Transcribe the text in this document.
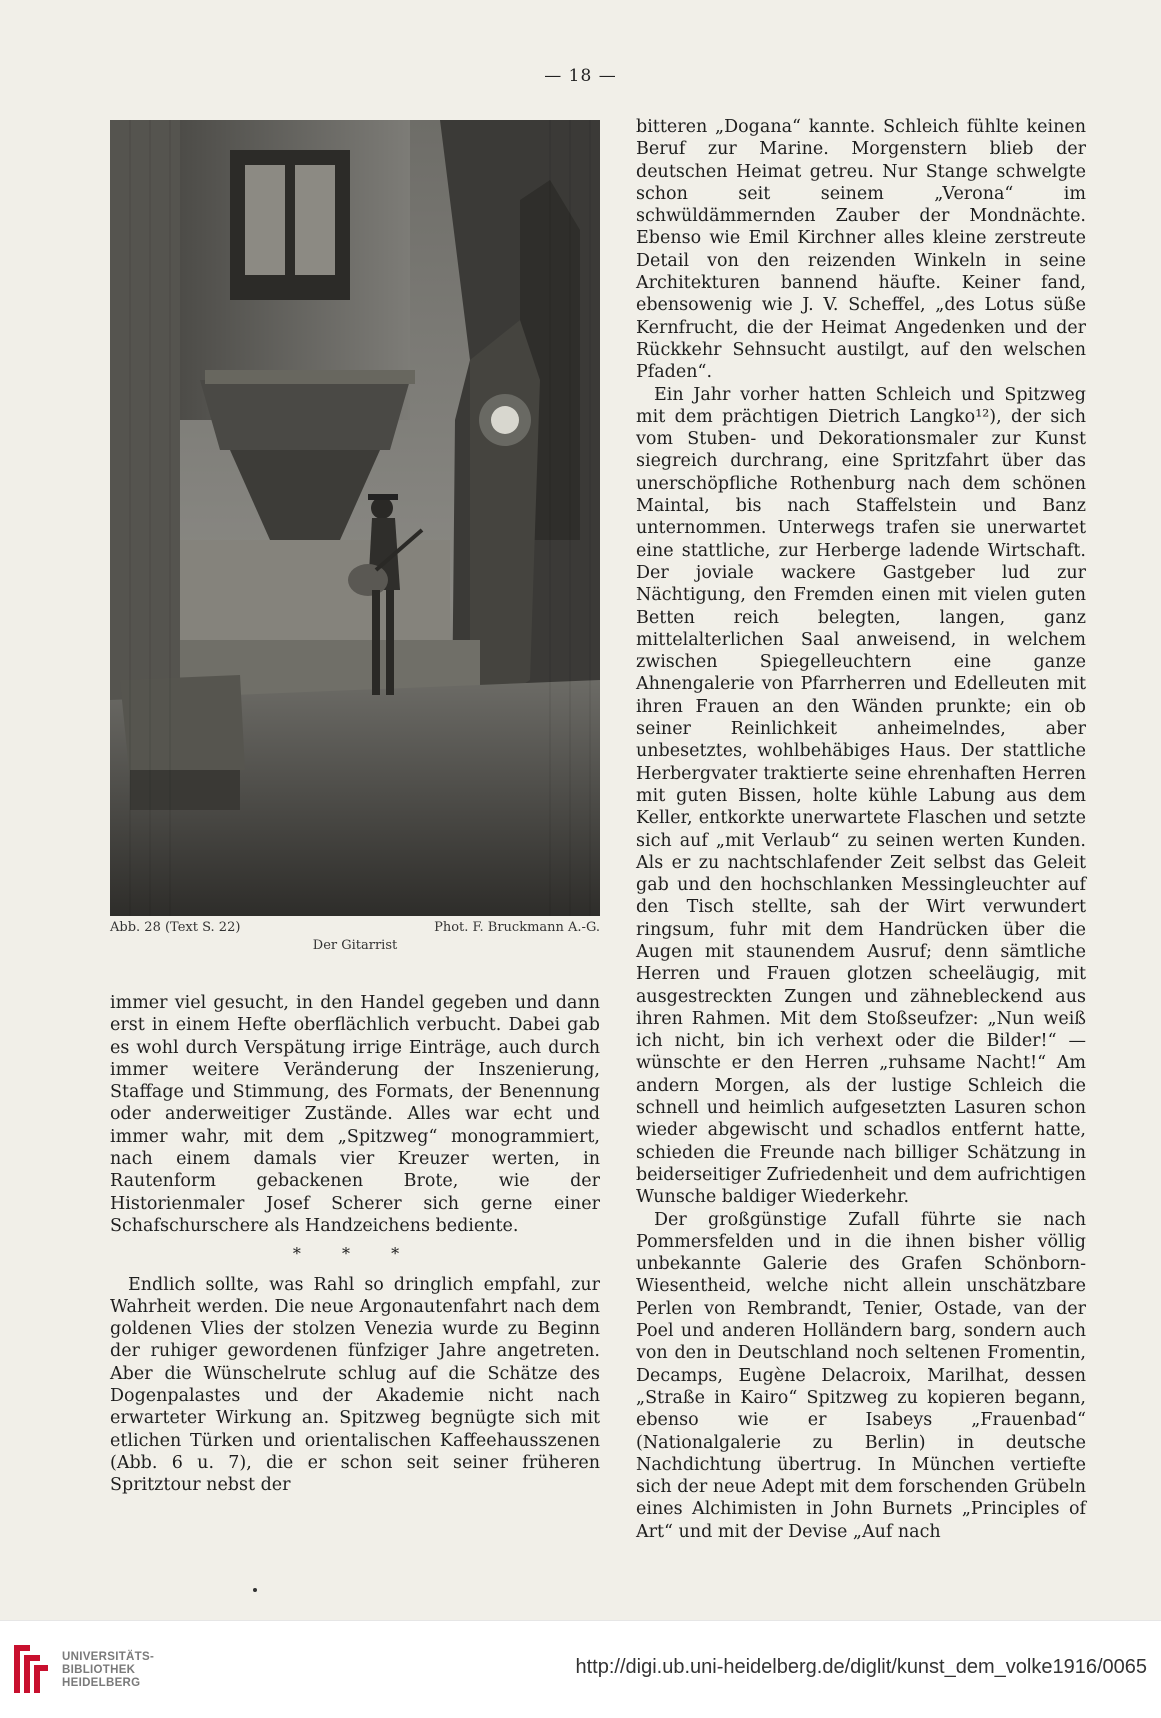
— 18 —
Abb. 28 (Text S. 22)	Phot. F. Bruckmann A.-G.
Der Gitarrist

bitteren „Dogana“ kannte. Schleich fühlte keinen Beruf zur Marine. Morgenstern blieb der deutschen Heimat getreu. Nur Stange schwelgte schon seit seinem „Verona“ im schwüldämmernden Zauber der Mondnächte. Ebenso wie Emil Kirchner alles kleine zerstreute Detail von den reizenden Winkeln in seine Architekturen bannend häufte. Keiner fand, ebensowenig wie J. V. Scheffel, „des Lotus süße Kernfrucht, die der Heimat Angedenken und der Rückkehr Sehnsucht austilgt, auf den welschen Pfaden“.

Ein Jahr vorher hatten Schleich und Spitzweg mit dem prächtigen Dietrich Langko¹²), der sich vom Stuben- und Dekorationsmaler zur Kunst siegreich durchrang, eine Spritzfahrt über das unerschöpfliche Rothenburg nach dem schönen Maintal, bis nach Staffelstein und Banz unternommen. Unterwegs trafen sie unerwartet eine stattliche, zur Herberge ladende Wirtschaft. Der joviale wackere Gastgeber lud zur Nächtigung, den Fremden einen mit vielen guten Betten reich belegten, langen, ganz mittelalterlichen Saal anweisend, in welchem zwischen Spiegelleuchtern eine ganze Ahnengalerie von Pfarrherren und Edelleuten mit ihren Frauen an den Wänden prunkte; ein ob seiner Reinlichkeit anheimelndes, aber unbesetztes, wohlbehäbiges Haus. Der stattliche Herbergvater traktierte seine ehrenhaften Herren mit guten Bissen, holte kühle Labung aus dem Keller, entkorkte unerwartete Flaschen und setzte sich auf „mit Verlaub“ zu seinen werten Kunden. Als er zu nachtschlafender Zeit selbst das Geleit gab und den hochschlanken Messingleuchter auf den Tisch stellte, sah der Wirt verwundert ringsum, fuhr mit dem Handrücken über die Augen mit staunendem Ausruf; denn sämtliche Herren und Frauen glotzen scheeläugig, mit ausgestreckten Zungen und zähnebleckend aus ihren Rahmen. Mit dem Stoßseufzer: „Nun weiß ich nicht, bin ich verhext oder die Bilder!“ — wünschte er den Herren „ruhsame Nacht!“ Am andern Morgen, als der lustige Schleich die schnell und heimlich aufgesetzten Lasuren schon wieder abgewischt und schadlos entfernt hatte, schieden die Freunde nach billiger Schätzung in beiderseitiger Zufriedenheit und dem aufrichtigen Wunsche baldiger Wiederkehr.

Der großgünstige Zufall führte sie nach Pommersfelden und in die ihnen bisher völlig unbekannte Galerie des Grafen Schönborn-Wiesentheid, welche nicht allein unschätzbare Perlen von Rembrandt, Tenier, Ostade, van der Poel und anderen Holländern barg, sondern auch von den in Deutschland noch seltenen Fromentin, Decamps, Eugène Delacroix, Marilhat, dessen „Straße in Kairo“ Spitzweg zu kopieren begann, ebenso wie er Isabeys „Frauenbad“ (Nationalgalerie zu Berlin) in deutsche Nachdichtung übertrug. In München vertiefte sich der neue Adept mit dem forschenden Grübeln eines Alchimisten in John Burnets „Principles of Art“ und mit der Devise „Auf nach

immer viel gesucht, in den Handel gegeben und dann erst in einem Hefte oberflächlich verbucht. Dabei gab es wohl durch Verspätung irrige Einträge, auch durch immer weitere Veränderung der Inszenierung, Staffage und Stimmung, des Formats, der Benennung oder anderweitiger Zustände. Alles war echt und immer wahr, mit dem „Spitzweg“ monogrammiert, nach einem damals vier Kreuzer werten, in Rautenform gebackenen Brote, wie der Historienmaler Josef Scherer sich gerne einer Schafschurschere als Handzeichens bediente.

* * *

Endlich sollte, was Rahl so dringlich empfahl, zur Wahrheit werden. Die neue Argonautenfahrt nach dem goldenen Vlies der stolzen Venezia wurde zu Beginn der ruhiger gewordenen fünfziger Jahre angetreten. Aber die Wünschelrute schlug auf die Schätze des Dogenpalastes und der Akademie nicht nach erwarteter Wirkung an. Spitzweg begnügte sich mit etlichen Türken und orientalischen Kaffeehausszenen (Abb. 6 u. 7), die er schon seit seiner früheren Spritztour nebst der

UNIVERSITÄTS-
BIBLIOTHEK
HEIDELBERG
http://digi.ub.uni-heidelberg.de/diglit/kunst_dem_volke1916/0065
